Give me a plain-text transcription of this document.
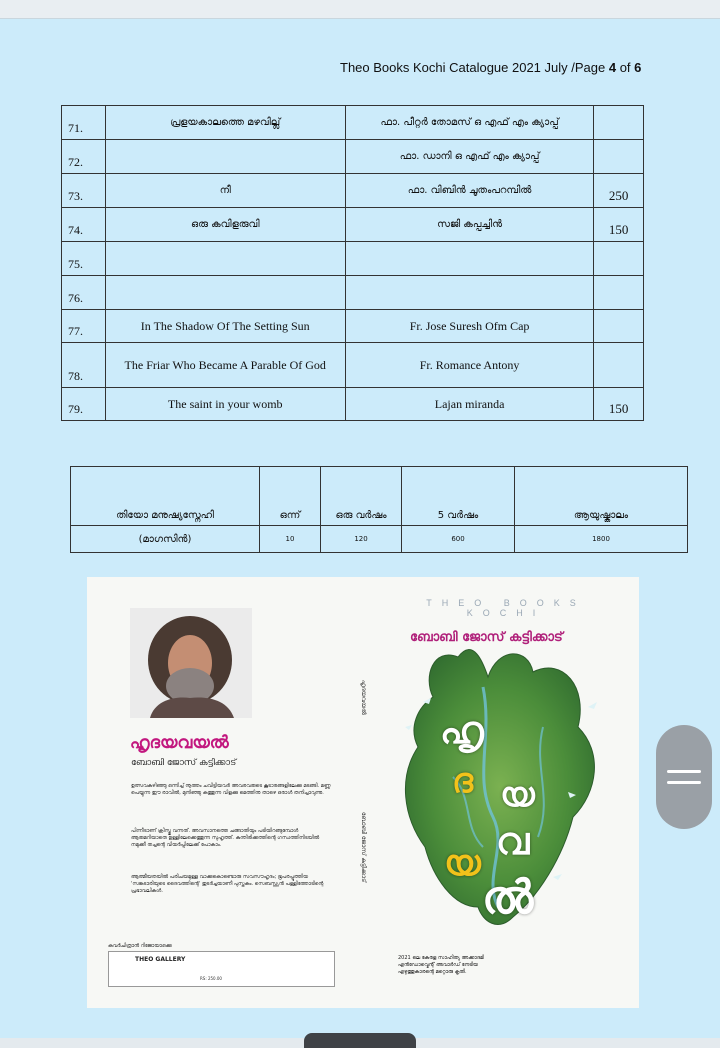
Theo Books Kochi Catalogue 2021 July /Page 4 of 6
71.	പ്രളയകാലത്തെ മഴവില്ല്	ഫാ. പീറ്റർ തോമസ് ഒ എഫ് എം ക്യാപ്പ്	
72.		ഫാ. ഡാനി ഒ എഫ് എം ക്യാപ്പ്	
73.	നീ	ഫാ. വിബിൻ ചൂതംപറമ്പിൽ	250
74.	ഒരു കവിളരുവി	സജി കപ്പച്ചിൻ	150
75.			
76.			
77.	In The Shadow Of The Setting Sun	Fr. Jose Suresh Ofm Cap	
78.	The Friar Who Became A Parable Of God	Fr. Romance Antony	
79.	The saint in your womb	Lajan miranda	150
തിയോ മനുഷ്യസ്നേഹി	ഒന്ന്	ഒരു വർഷം	5 വർഷം	ആയുഷ്കാലം
(മാഗസിൻ)	10	120	600	1800
THEO BOOKS KOCHI
ബോബി ജോസ് കട്ടിക്കാട്
ഹൃദയവയൽ
ബോബി ജോസ് കട്ടിക്കാട്
ഉത്സവകഴിഞ്ഞു ഒന്നിച്ച് നൂത്തം ചവിട്ടിയവർ അവരവരുടെ കൂടാരങ്ങളിലേക്കു മടങ്ങി. മണ്ണു പെയ്യുന്ന ഈ രാവിൽ, മുനിഞ്ഞു കത്തുന്ന വിളക്കു മെത്തിനു താഴെ ഒരാൾ തനിച്ചാവുന്നു.
പിന്നീടാണ് ക്രിസ്തു വന്നത്. അവസാനത്തെ ചങ്ങാതിയും പടിയിറങ്ങുമ്പോൾ ആരുമറിയാതെ ഉള്ളിലേക്കെത്തുന്ന സുഹൃത്ത്. കുന്തിരിക്കത്തിന്റെ ഗന്ധത്തിനിടയിൽ നമുക്കീ തച്ചന്റെ വിയർപ്പിലേക്ക് പോകാം.
ആത്മീയതയിൽ പരിചയമുള്ള വാക്കുകൊണ്ടൊരു സവസൗഹൃദം; ഭൂപരപ്പൂത്തിയ 'സങ്കടാരിയുടെ ദൈവത്തിന്റെ' തുടർച്ചയാണീ പുസ്തകം. സെബസ്റ്റ്യൻ പള്ളിത്തോടിന്റെ പ്രഭാവലികൾ.
കവർചിത്രാൻ റിജോയാഒക്കു
THEO GALLERY
RS: 250.00
ഹൃദയവയൽ
ബോബി ജോസ് കട്ടിക്കാട്
2021 ലെ കേരള സാഹിത്യ അക്കാദമി എൻഡോവ്മെന്റ് അവാർഡ് നേടിയ എഴുത്തുകാരന്റെ മറ്റൊരു കൃതി.
ഹൃ
ദ യ
വ
യ
ൽ
